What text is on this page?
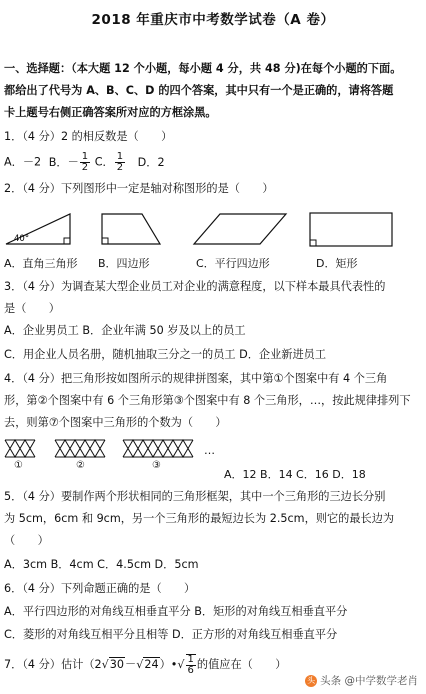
2018 年重庆市中考数学试卷（A 卷）
一、选择题：（本大题 12 个小题，每小题 4 分，共 48 分)在每个小题的下面。
都给出了代号为 A、B、C、D 的四个答案，其中只有一个是正确的，请将答题
卡上题号右侧正确答案所对应的方框涂黑。
1．（4 分）2 的相反数是（　　）
A．－2 B．－ $\frac{1}{2}$ C． $\frac{1}{2}$ D．2
2．（4 分）下列图形中一定是轴对称图形的是（　　）
40°
A．直角三角形 B．四边形	C．平行四边形	D．矩形
3．（4 分）为调查某大型企业员工对企业的满意程度，以下样本最具代表性的
是（　　）
A．企业男员工 B．企业年满 50 岁及以上的员工
C．用企业人员名册，随机抽取三分之一的员工 D．企业新进员工
4．（4 分）把三角形按如图所示的规律拼图案，其中第①个图案中有 4 个三角
形，第②个图案中有 6 个三角形第③个图案中有 8 个三角形，…，按此规律排列下
去，则第⑦个图案中三角形的个数为（　　）
①	②	③
…
A．12 B．14 C．16 D．18
5．（4 分）要制作两个形状相同的三角形框架，其中一个三角形的三边长分别
为 5cm，6cm 和 9cm，另一个三角形的最短边长为 2.5cm，则它的最长边为
（　　）
A．3cm B．4cm C．4.5cm D．5cm
6．（4 分）下列命题正确的是（　　）
A．平行四边形的对角线互相垂直平分 B．矩形的对角线互相垂直平分
C．菱形的对角线互相平分且相等 D．正方形的对角线互相垂直平分
7．（4 分）估计（2√30－√24）•√ $\frac{1}{6}$ 的值应在（　　）
头 头条 @中学数学老肖
